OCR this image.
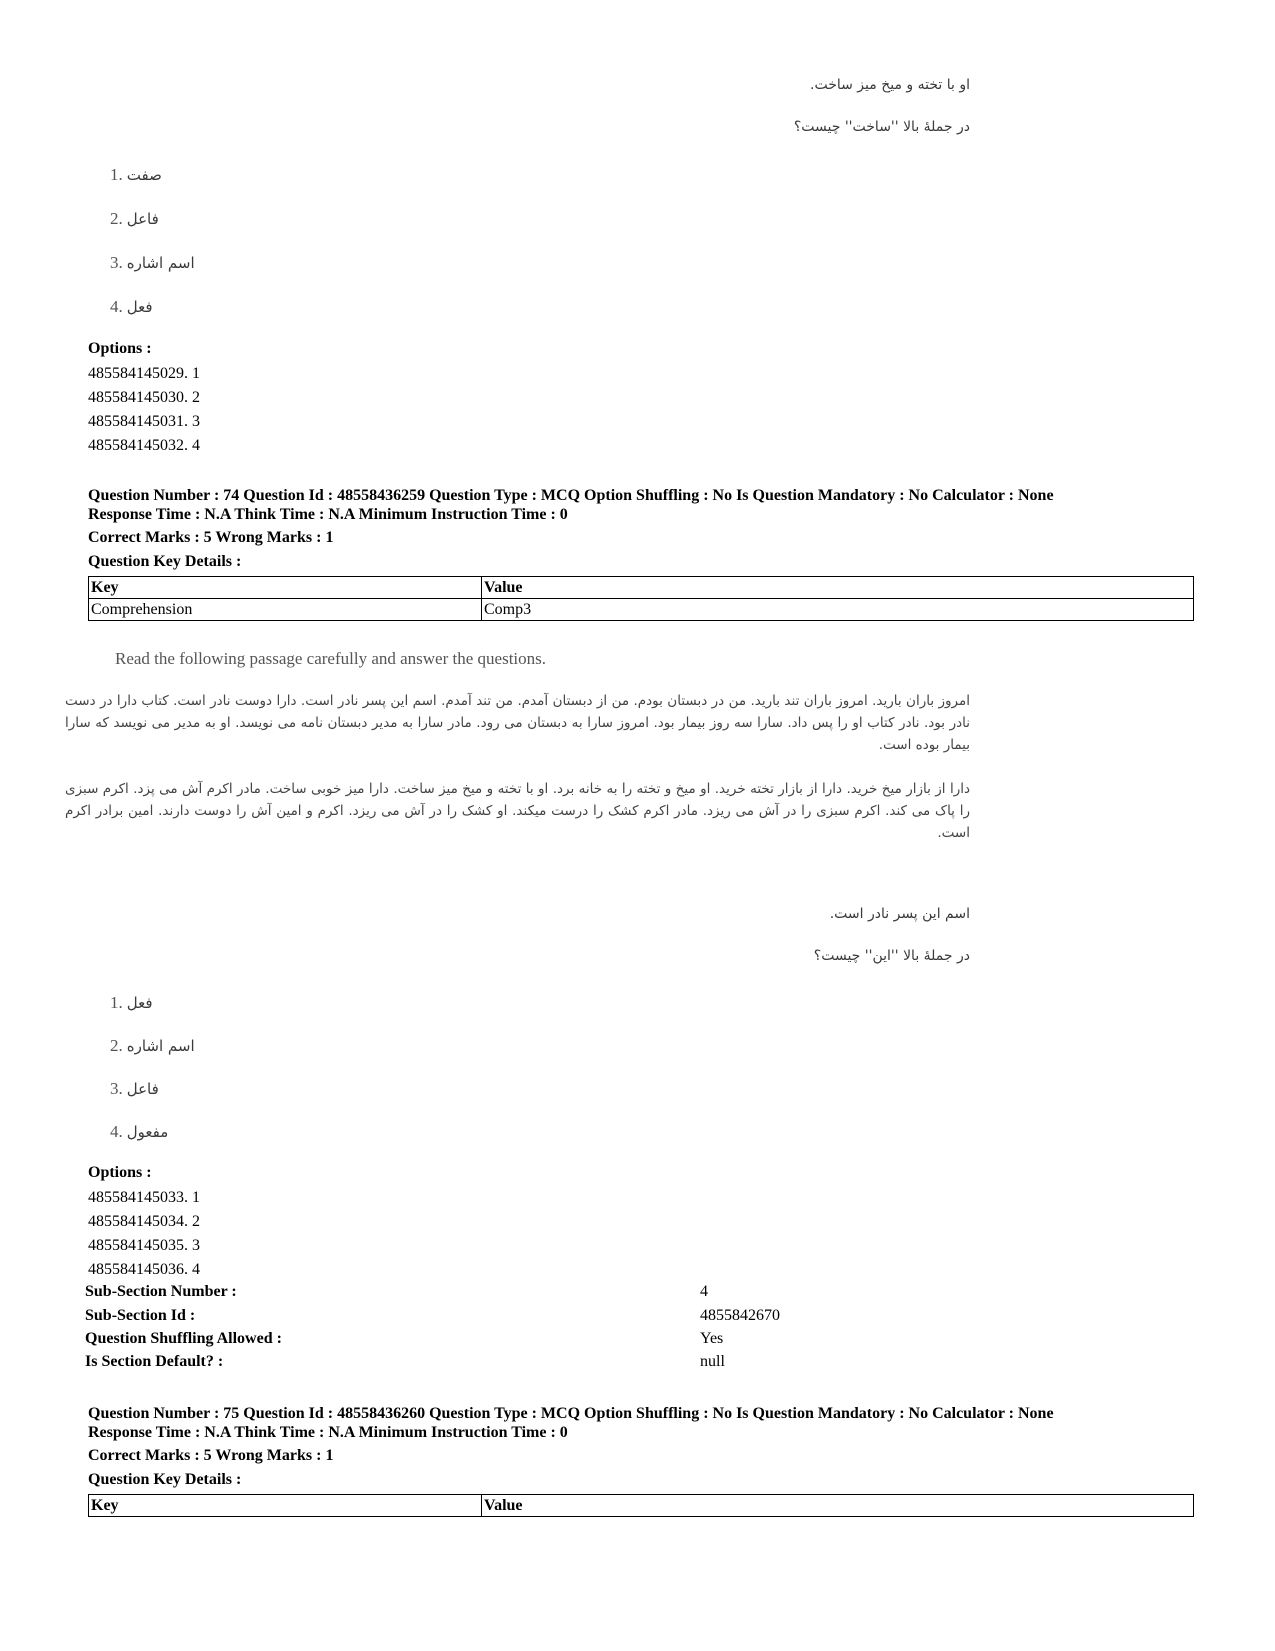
او با تخته و میخ میز ساخت.
در جملهٔ بالا ''ساخت'' چیست؟
1. صفت
2. فاعل
3. اسم اشاره
4. فعل
Options :
485584145029. 1
485584145030. 2
485584145031. 3
485584145032. 4
Question Number : 74 Question Id : 48558436259 Question Type : MCQ Option Shuffling : No Is Question Mandatory : No Calculator : None
Response Time : N.A Think Time : N.A Minimum Instruction Time : 0
Correct Marks : 5 Wrong Marks : 1
Question Key Details :
Key	Value
Comprehension	Comp3
Read the following passage carefully and answer the questions.
امروز باران بارید. امروز باران تند بارید. من در دبستان بودم. من از دبستان آمدم. من تند آمدم. اسم این پسر نادر است. دارا دوست نادر است. کتاب دارا در دست نادر بود. نادر کتاب او را پس داد. سارا سه روز بیمار بود. امروز سارا به دبستان می رود. مادر سارا به مدیر دبستان نامه می نویسد. او به مدیر می نویسد که سارا بیمار بوده است.
دارا از بازار میخ خرید. دارا از بازار تخته خرید. او میخ و تخته را به خانه برد. او با تخته و میخ میز ساخت. دارا میز خوبی ساخت. مادر اکرم آش می پزد. اکرم سبزی را پاک می کند. اکرم سبزی را در آش می ریزد. مادر اکرم کشک را درست میکند. او کشک را در آش می ریزد. اکرم و امین آش را دوست دارند. امین برادر اکرم است.
اسم این پسر نادر است.
در جملهٔ بالا ''این'' چیست؟
1. فعل
2. اسم اشاره
3. فاعل
4. مفعول
Options :
485584145033. 1
485584145034. 2
485584145035. 3
485584145036. 4
Sub-Section Number :	4
Sub-Section Id :	4855842670
Question Shuffling Allowed :	Yes
Is Section Default? :	null
Question Number : 75 Question Id : 48558436260 Question Type : MCQ Option Shuffling : No Is Question Mandatory : No Calculator : None
Response Time : N.A Think Time : N.A Minimum Instruction Time : 0
Correct Marks : 5 Wrong Marks : 1
Question Key Details :
Key	Value
